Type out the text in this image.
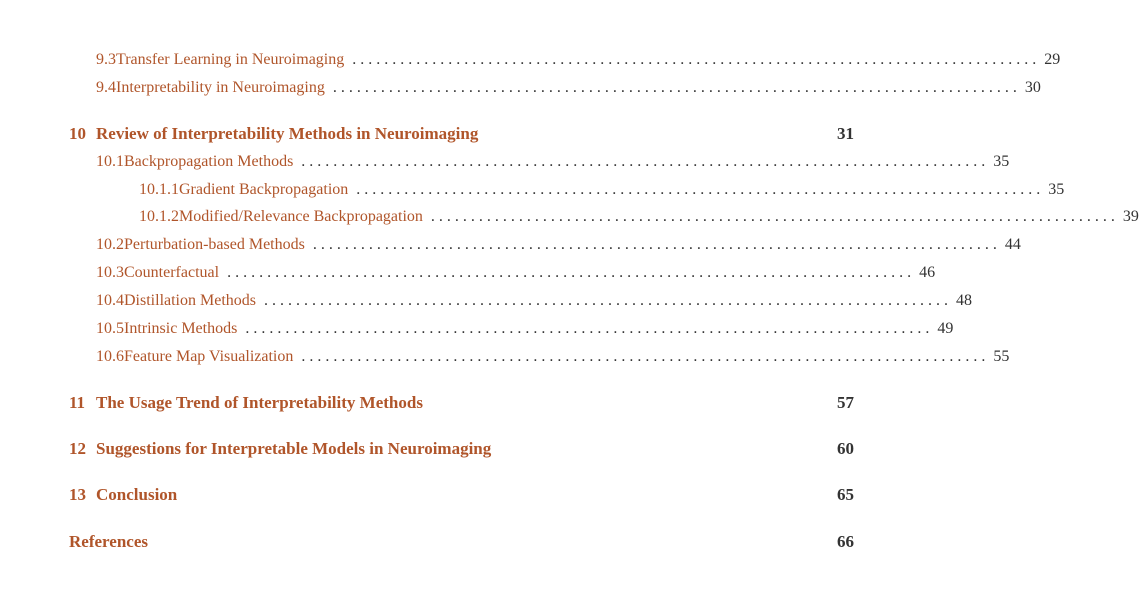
9.3 Transfer Learning in Neuroimaging . . . . . . . . . . . . . . . . . . . . . . . . . . . . . . . . . . . . . . . . . . . . . . . . . . . . . . . . . . . . . . . . . . . . . . . . . . . . . . . . . . . . . . 29
9.4 Interpretability in Neuroimaging . . . . . . . . . . . . . . . . . . . . . . . . . . . . . . . . . . . . . . . . . . . . . . . . . . . . . . . . . . . . . . . . . . . . . . . . . . . . . . . . . . . . . . 30
10 Review of Interpretability Methods in Neuroimaging	31
10.1 Backpropagation Methods . . . . . . . . . . . . . . . . . . . . . . . . . . . . . . . . . . . . . . . . . . . . . . . . . . . . . . . . . . . . . . . . . . . . . . . . . . . . . . . . . . . . . . 35
10.1.1 Gradient Backpropagation . . . . . . . . . . . . . . . . . . . . . . . . . . . . . . . . . . . . . . . . . . . . . . . . . . . . . . . . . . . . . . . . . . . . . . . . . . . . . . . . . . . . . . 35
10.1.2 Modified/Relevance Backpropagation . . . . . . . . . . . . . . . . . . . . . . . . . . . . . . . . . . . . . . . . . . . . . . . . . . . . . . . . . . . . . . . . . . . . . . . . . . . . . . . . . . . . . . 39
10.2 Perturbation-based Methods . . . . . . . . . . . . . . . . . . . . . . . . . . . . . . . . . . . . . . . . . . . . . . . . . . . . . . . . . . . . . . . . . . . . . . . . . . . . . . . . . . . . . . 44
10.3 Counterfactual . . . . . . . . . . . . . . . . . . . . . . . . . . . . . . . . . . . . . . . . . . . . . . . . . . . . . . . . . . . . . . . . . . . . . . . . . . . . . . . . . . . . . . 46
10.4 Distillation Methods . . . . . . . . . . . . . . . . . . . . . . . . . . . . . . . . . . . . . . . . . . . . . . . . . . . . . . . . . . . . . . . . . . . . . . . . . . . . . . . . . . . . . . 48
10.5 Intrinsic Methods . . . . . . . . . . . . . . . . . . . . . . . . . . . . . . . . . . . . . . . . . . . . . . . . . . . . . . . . . . . . . . . . . . . . . . . . . . . . . . . . . . . . . . 49
10.6 Feature Map Visualization . . . . . . . . . . . . . . . . . . . . . . . . . . . . . . . . . . . . . . . . . . . . . . . . . . . . . . . . . . . . . . . . . . . . . . . . . . . . . . . . . . . . . . 55
11 The Usage Trend of Interpretability Methods	57
12 Suggestions for Interpretable Models in Neuroimaging	60
13 Conclusion	65
References	66
